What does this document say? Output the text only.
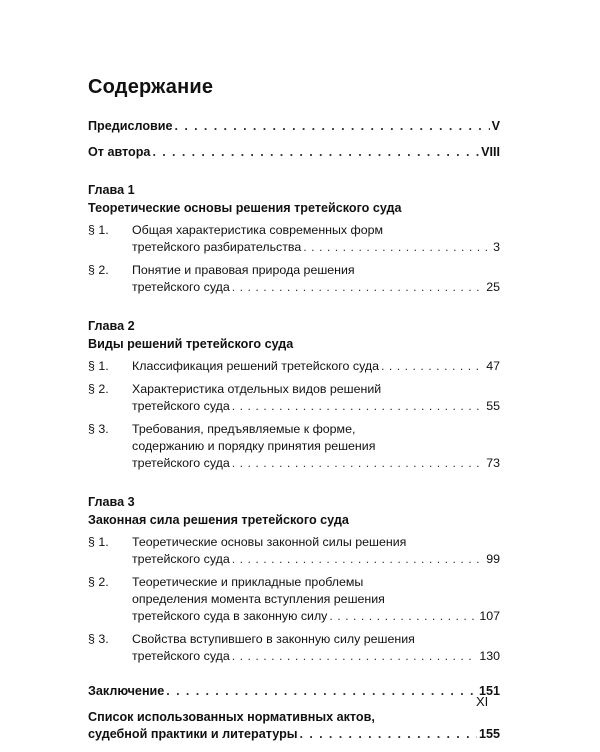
Содержание
Предисловие . . .	V
От автора . . .	VIII
Глава 1
Теоретические основы решения третейского суда
§ 1.	Общая характеристика современных форм
третейского разбирательства . . .	3
§ 2.	Понятие и правовая природа решения
третейского суда . . .	25
Глава 2
Виды решений третейского суда
§ 1.	Классификация решений третейского суда . . .	47
§ 2.	Характеристика отдельных видов решений
третейского суда . . .	55
§ 3.	Требования, предъявляемые к форме,
содержанию и порядку принятия решения
третейского суда . . .	73
Глава 3
Законная сила решения третейского суда
§ 1.	Теоретические основы законной силы решения
третейского суда . . .	99
§ 2.	Теоретические и прикладные проблемы
определения момента вступления решения
третейского суда в законную силу . . .	107
§ 3.	Свойства вступившего в законную силу решения
третейского суда . . .	130
Заключение . . .	151
Список использованных нормативных актов,
судебной практики и литературы . . .	155
XI
